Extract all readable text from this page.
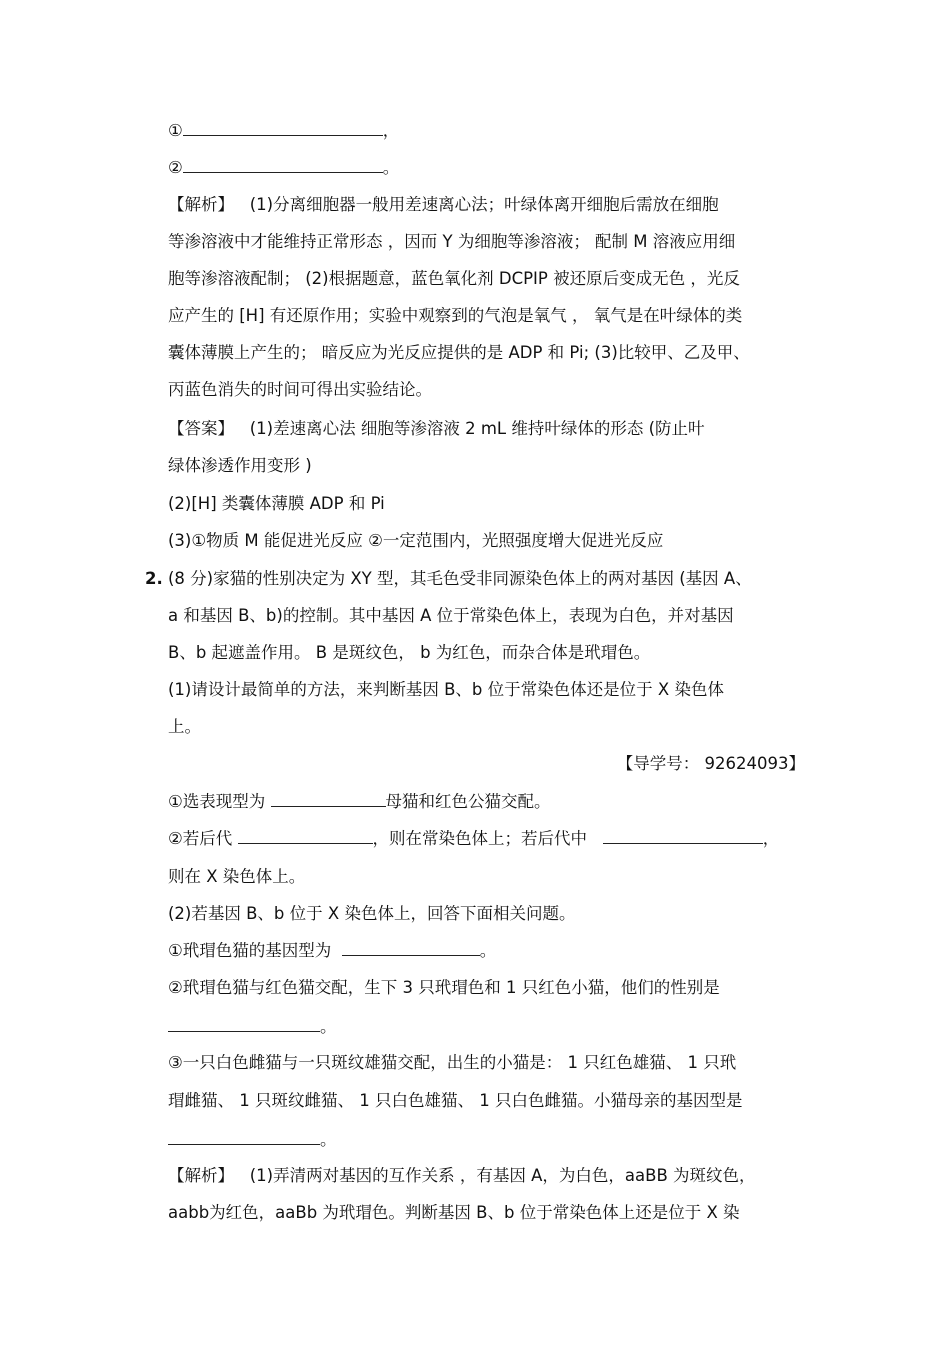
①	，
②	。
【解析】 (1)分离细胞器一般用差速离心法；叶绿体离开细胞后需放在细胞
等渗溶液中才能维持正常形态 ，因而 Y 为细胞等渗溶液； 配制 M 溶液应用细
胞等渗溶液配制； (2)根据题意，蓝色氧化剂 DCPIP 被还原后变成无色 ，光反
应产生的 [H] 有还原作用；实验中观察到的气泡是氧气 ， 氧气是在叶绿体的类
囊体薄膜上产生的； 暗反应为光反应提供的是 ADP 和 Pi; (3)比较甲、乙及甲、
丙蓝色消失的时间可得出实验结论。
【答案】 (1)差速离心法 细胞等渗溶液 2 mL 维持叶绿体的形态 (防止叶
绿体渗透作用变形 )
(2)[H] 类囊体薄膜 ADP 和 Pi
(3)①物质 M 能促进光反应 ②一定范围内，光照强度增大促进光反应
2. (8 分)家猫的性别决定为 XY 型，其毛色受非同源染色体上的两对基因 (基因 A、
a 和基因 B、b)的控制。其中基因 A 位于常染色体上，表现为白色，并对基因
B、b 起遮盖作用。 B 是斑纹色， b 为红色，而杂合体是玳瑁色。
(1)请设计最简单的方法，来判断基因 B、b 位于常染色体还是位于 X 染色体
上。
【导学号： 92624093】
①选表现型为	母猫和红色公猫交配。
②若后代	，则在常染色体上；若后代中	，
则在 X 染色体上。
(2)若基因 B、b 位于 X 染色体上，回答下面相关问题。
①玳瑁色猫的基因型为	。
②玳瑁色猫与红色猫交配，生下 3 只玳瑁色和 1 只红色小猫，他们的性别是
。
③一只白色雌猫与一只斑纹雄猫交配，出生的小猫是： 1 只红色雄猫、 1 只玳
瑁雌猫、 1 只斑纹雌猫、 1 只白色雄猫、 1 只白色雌猫。小猫母亲的基因型是
。
【解析】 (1)弄清两对基因的互作关系 ，有基因 A，为白色，aaBB 为斑纹色，
aabb为红色，aaBb 为玳瑁色。判断基因 B、b 位于常染色体上还是位于 X 染
